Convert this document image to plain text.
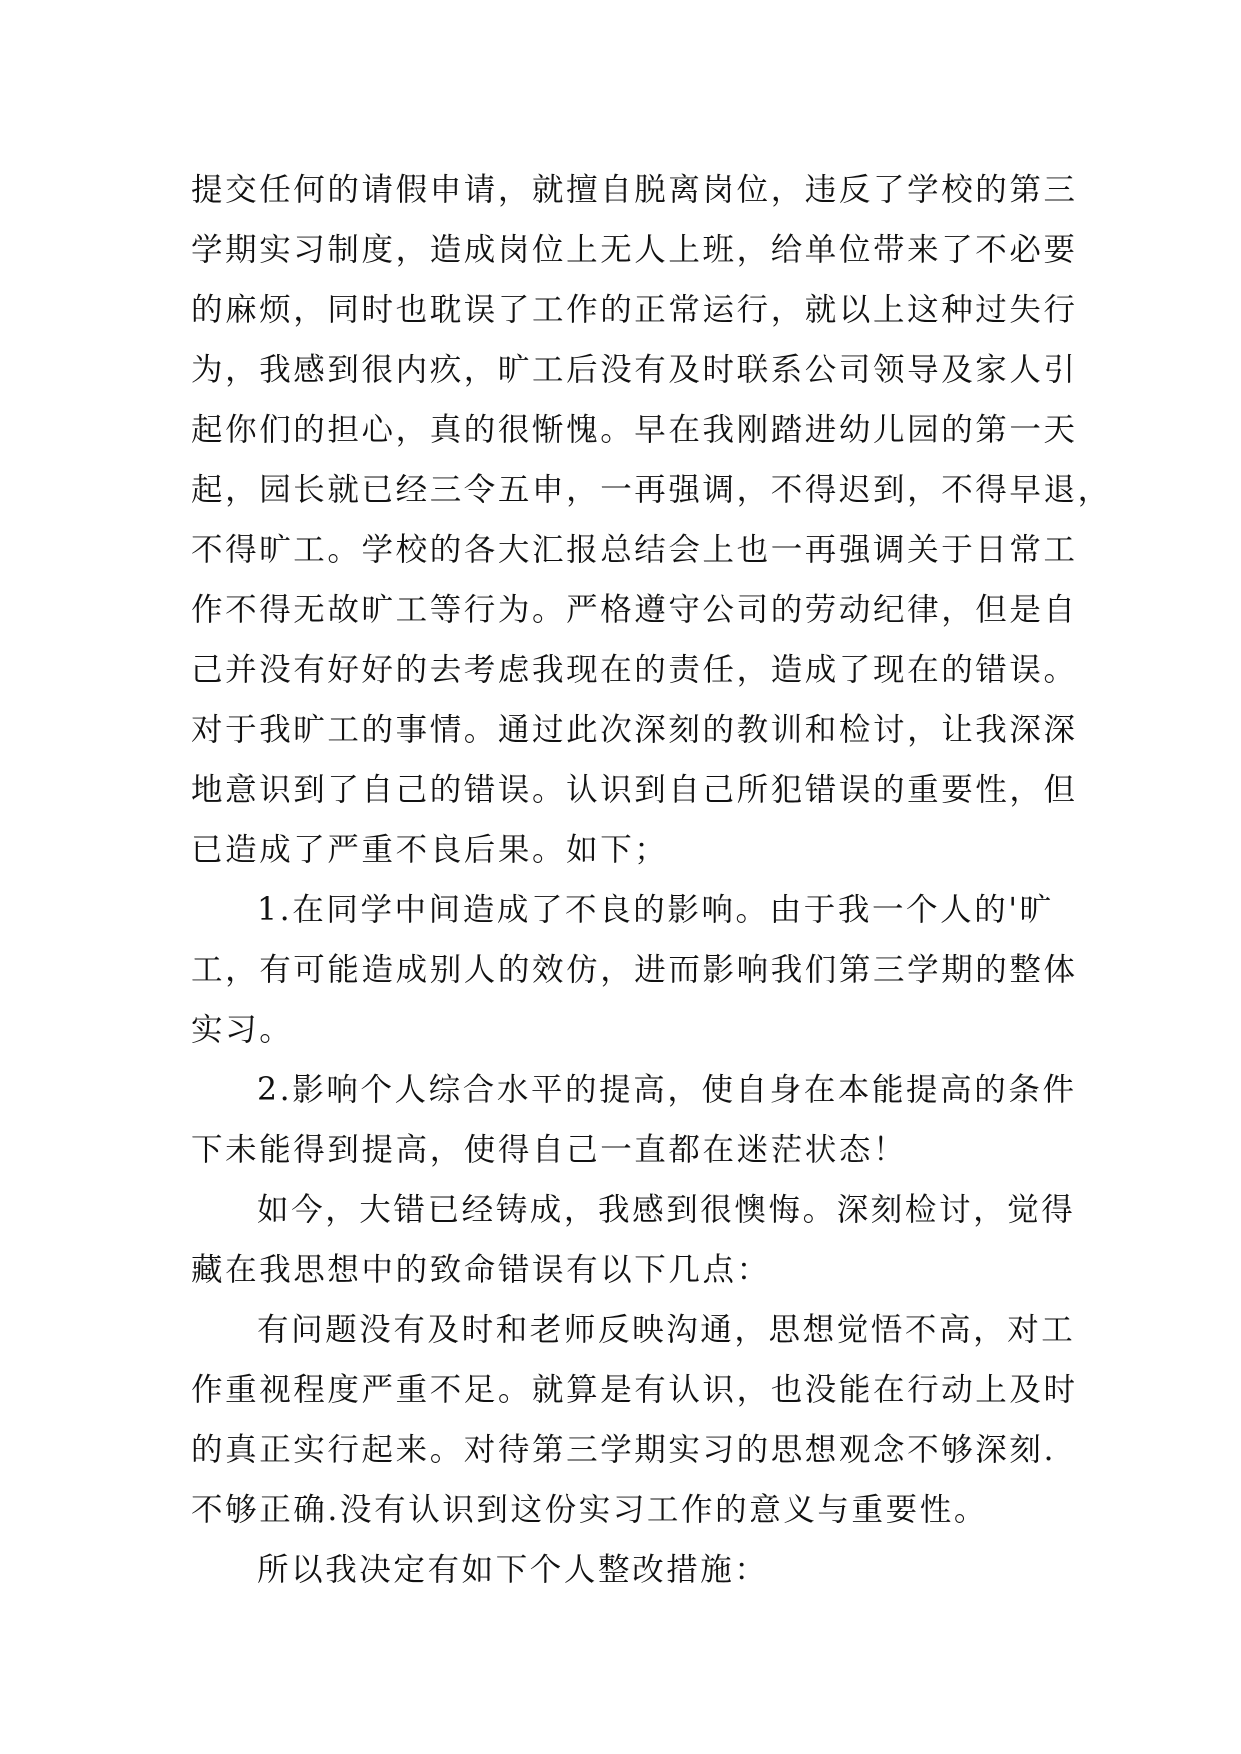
提交任何的请假申请，就擅自脱离岗位，违反了学校的第三
学期实习制度，造成岗位上无人上班，给单位带来了不必要
的麻烦，同时也耽误了工作的正常运行，就以上这种过失行
为，我感到很内疚，旷工后没有及时联系公司领导及家人引
起你们的担心，真的很惭愧。早在我刚踏进幼儿园的第一天
起，园长就已经三令五申，一再强调，不得迟到，不得早退，
不得旷工。学校的各大汇报总结会上也一再强调关于日常工
作不得无故旷工等行为。严格遵守公司的劳动纪律，但是自
己并没有好好的去考虑我现在的责任，造成了现在的错误。
对于我旷工的事情。通过此次深刻的教训和检讨，让我深深
地意识到了自己的错误。认识到自己所犯错误的重要性，但
已造成了严重不良后果。如下；
1.在同学中间造成了不良的影响。由于我一个人的'旷
工，有可能造成别人的效仿，进而影响我们第三学期的整体
实习。
2.影响个人综合水平的提高，使自身在本能提高的条件
下未能得到提高，使得自己一直都在迷茫状态！
如今，大错已经铸成，我感到很懊悔。深刻检讨，觉得
藏在我思想中的致命错误有以下几点：
有问题没有及时和老师反映沟通，思想觉悟不高，对工
作重视程度严重不足。就算是有认识，也没能在行动上及时
的真正实行起来。对待第三学期实习的思想观念不够深刻.
不够正确.没有认识到这份实习工作的意义与重要性。
所以我决定有如下个人整改措施：
